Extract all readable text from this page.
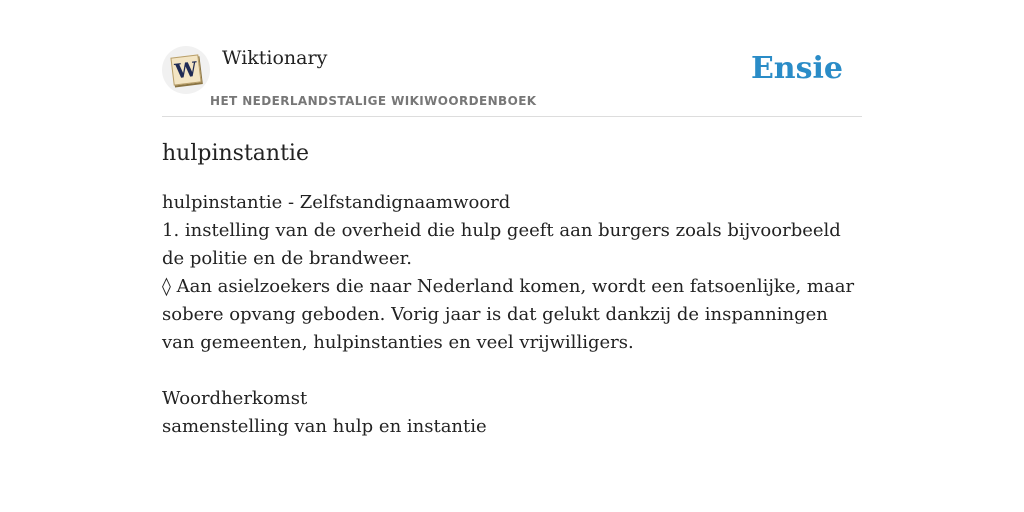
W Wiktionary
HET NEDERLANDSTALIGE WIKIWOORDENBOEK
Ensie
hulpinstantie

hulpinstantie - Zelfstandignaamwoord

1. instelling van de overheid die hulp geeft aan burgers zoals bijvoorbeeld de politie en de brandweer.

◊ Aan asielzoekers die naar Nederland komen, wordt een fatsoenlijke, maar sobere opvang geboden. Vorig jaar is dat gelukt dankzij de inspanningen van gemeenten, hulpinstanties en veel vrijwilligers.

Woordherkomst

samenstelling van hulp en instantie
